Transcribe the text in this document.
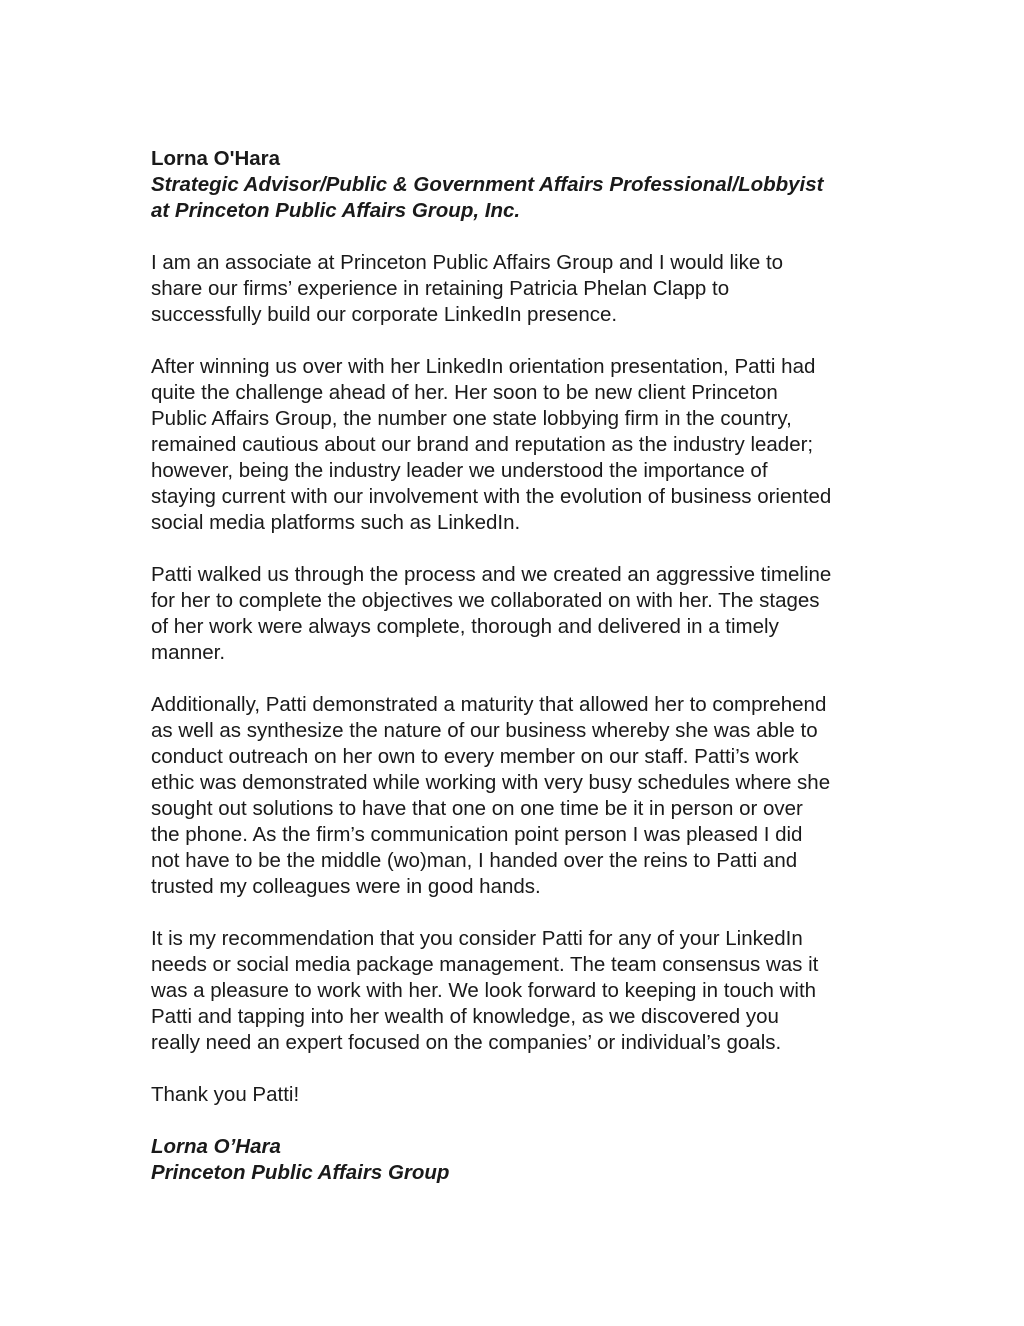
Lorna O'Hara

Strategic Advisor/Public & Government Affairs Professional/Lobbyist

at Princeton Public Affairs Group, Inc.

I am an associate at Princeton Public Affairs Group and I would like to

share our firms’ experience in retaining Patricia Phelan Clapp to

successfully build our corporate LinkedIn presence.

After winning us over with her LinkedIn orientation presentation, Patti had

quite the challenge ahead of her. Her soon to be new client Princeton

Public Affairs Group, the number one state lobbying firm in the country,

remained cautious about our brand and reputation as the industry leader;

however, being the industry leader we understood the importance of

staying current with our involvement with the evolution of business oriented

social media platforms such as LinkedIn.

Patti walked us through the process and we created an aggressive timeline

for her to complete the objectives we collaborated on with her. The stages

of her work were always complete, thorough and delivered in a timely

manner.

Additionally, Patti demonstrated a maturity that allowed her to comprehend

as well as synthesize the nature of our business whereby she was able to

conduct outreach on her own to every member on our staff. Patti’s work

ethic was demonstrated while working with very busy schedules where she

sought out solutions to have that one on one time be it in person or over

the phone. As the firm’s communication point person I was pleased I did

not have to be the middle (wo)man, I handed over the reins to Patti and

trusted my colleagues were in good hands.

It is my recommendation that you consider Patti for any of your LinkedIn

needs or social media package management. The team consensus was it

was a pleasure to work with her. We look forward to keeping in touch with

Patti and tapping into her wealth of knowledge, as we discovered you

really need an expert focused on the companies’ or individual’s goals.

Thank you Patti!

Lorna O’Hara

Princeton Public Affairs Group
